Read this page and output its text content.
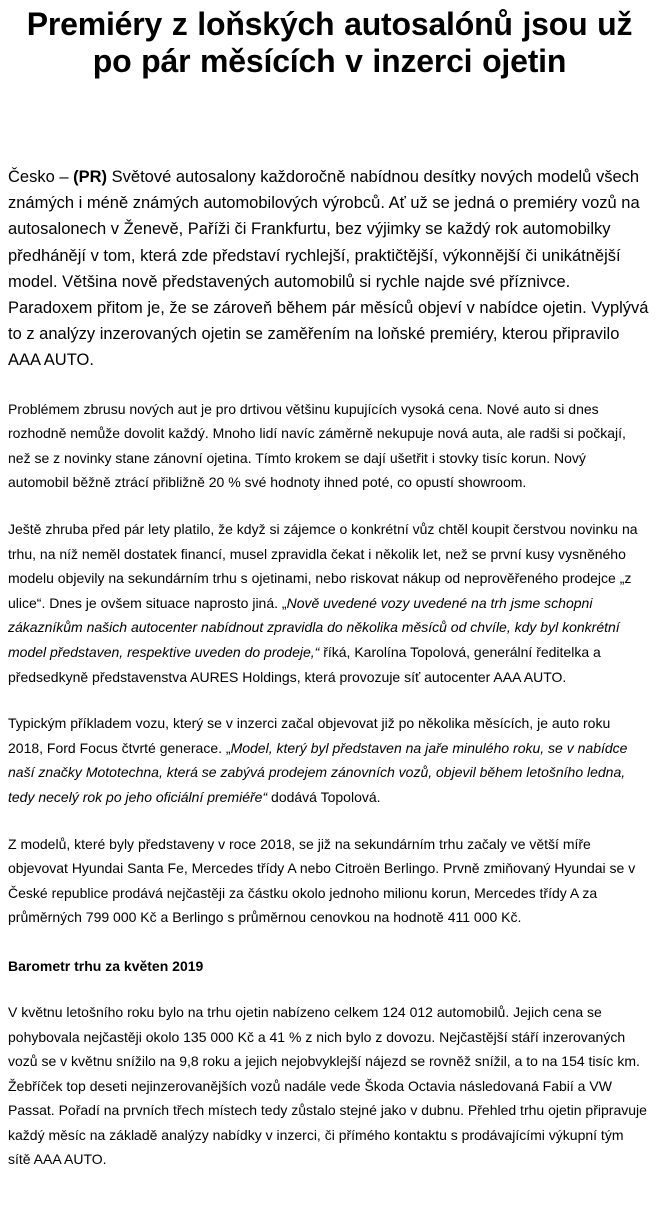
Premiéry z loňských autosalónů jsou už po pár měsících v inzerci ojetin

Česko – (PR) Světové autosalony každoročně nabídnou desítky nových modelů všech známých i méně známých automobilových výrobců. Ať už se jedná o premiéry vozů na autosalonech v Ženevě, Paříži či Frankfurtu, bez výjimky se každý rok automobilky předhánějí v tom, která zde představí rychlejší, praktičtější, výkonnější či unikátnější model. Většina nově představených automobilů si rychle najde své příznivce. Paradoxem přitom je, že se zároveň během pár měsíců objeví v nabídce ojetin. Vyplývá to z analýzy inzerovaných ojetin se zaměřením na loňské premiéry, kterou připravilo AAA AUTO.

Problémem zbrusu nových aut je pro drtivou většinu kupujících vysoká cena. Nové auto si dnes rozhodně nemůže dovolit každý. Mnoho lidí navíc záměrně nekupuje nová auta, ale radši si počkají, než se z novinky stane zánovní ojetina. Tímto krokem se dají ušetřit i stovky tisíc korun. Nový automobil běžně ztrácí přibližně 20 % své hodnoty ihned poté, co opustí showroom.

Ještě zhruba před pár lety platilo, že když si zájemce o konkrétní vůz chtěl koupit čerstvou novinku na trhu, na níž neměl dostatek financí, musel zpravidla čekat i několik let, než se první kusy vysněného modelu objevily na sekundárním trhu s ojetinami, nebo riskovat nákup od neprověřeného prodejce „z ulice“. Dnes je ovšem situace naprosto jiná. „Nově uvedené vozy uvedené na trh jsme schopni zákazníkům našich autocenter nabídnout zpravidla do několika měsíců od chvíle, kdy byl konkrétní model představen, respektive uveden do prodeje,“ říká, Karolína Topolová, generální ředitelka a předsedkyně představenstva AURES Holdings, která provozuje síť autocenter AAA AUTO.

Typickým příkladem vozu, který se v inzerci začal objevovat již po několika měsících, je auto roku 2018, Ford Focus čtvrté generace. „Model, který byl představen na jaře minulého roku, se v nabídce naší značky Mototechna, která se zabývá prodejem zánovních vozů, objevil během letošního ledna, tedy necelý rok po jeho oficiální premiéře“ dodává Topolová.

Z modelů, které byly představeny v roce 2018, se již na sekundárním trhu začaly ve větší míře objevovat Hyundai Santa Fe, Mercedes třídy A nebo Citroën Berlingo. Prvně zmiňovaný Hyundai se v České republice prodává nejčastěji za částku okolo jednoho milionu korun, Mercedes třídy A za průměrných 799 000 Kč a Berlingo s průměrnou cenovkou na hodnotě 411 000 Kč.

Barometr trhu za květen 2019

V květnu letošního roku bylo na trhu ojetin nabízeno celkem 124 012 automobilů. Jejich cena se pohybovala nejčastěji okolo 135 000 Kč a 41 % z nich bylo z dovozu. Nejčastější stáří inzerovaných vozů se v květnu snížilo na 9,8 roku a jejich nejobvyklejší nájezd se rovněž snížil, a to na 154 tisíc km. Žebříček top deseti nejinzerovanějších vozů nadále vede Škoda Octavia následovaná Fabií a VW Passat. Pořadí na prvních třech místech tedy zůstalo stejné jako v dubnu. Přehled trhu ojetin připravuje každý měsíc na základě analýzy nabídky v inzerci, či přímého kontaktu s prodávajícími výkupní tým sítě AAA AUTO.
